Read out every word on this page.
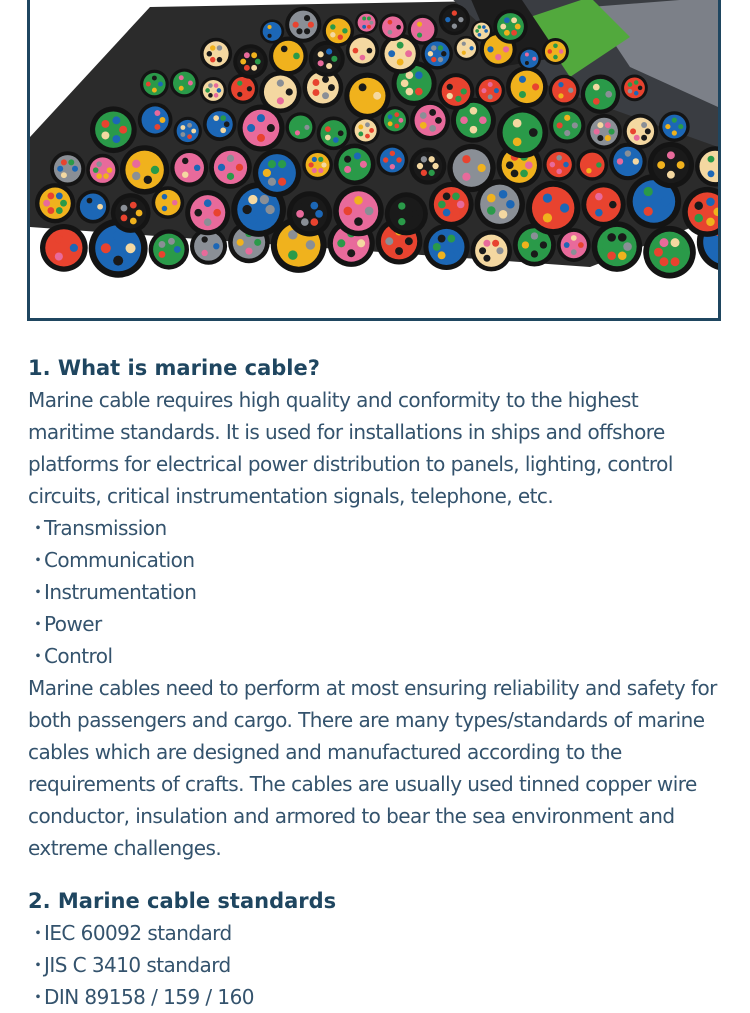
1. What is marine cable?

Marine cable requires high quality and conformity to the highest maritime standards. It is used for installations in ships and offshore platforms for electrical power distribution to panels, lighting, control circuits, critical instrumentation signals, telephone, etc.

・Transmission
・Communication
・Instrumentation
・Power
・Control

Marine cables need to perform at most ensuring reliability and safety for both passengers and cargo. There are many types/standards of marine cables which are designed and manufactured according to the requirements of crafts. The cables are usually used tinned copper wire conductor, insulation and armored to bear the sea environment and extreme challenges.

2. Marine cable standards
・IEC 60092 standard
・JIS C 3410 standard
・DIN 89158 / 159 / 160
